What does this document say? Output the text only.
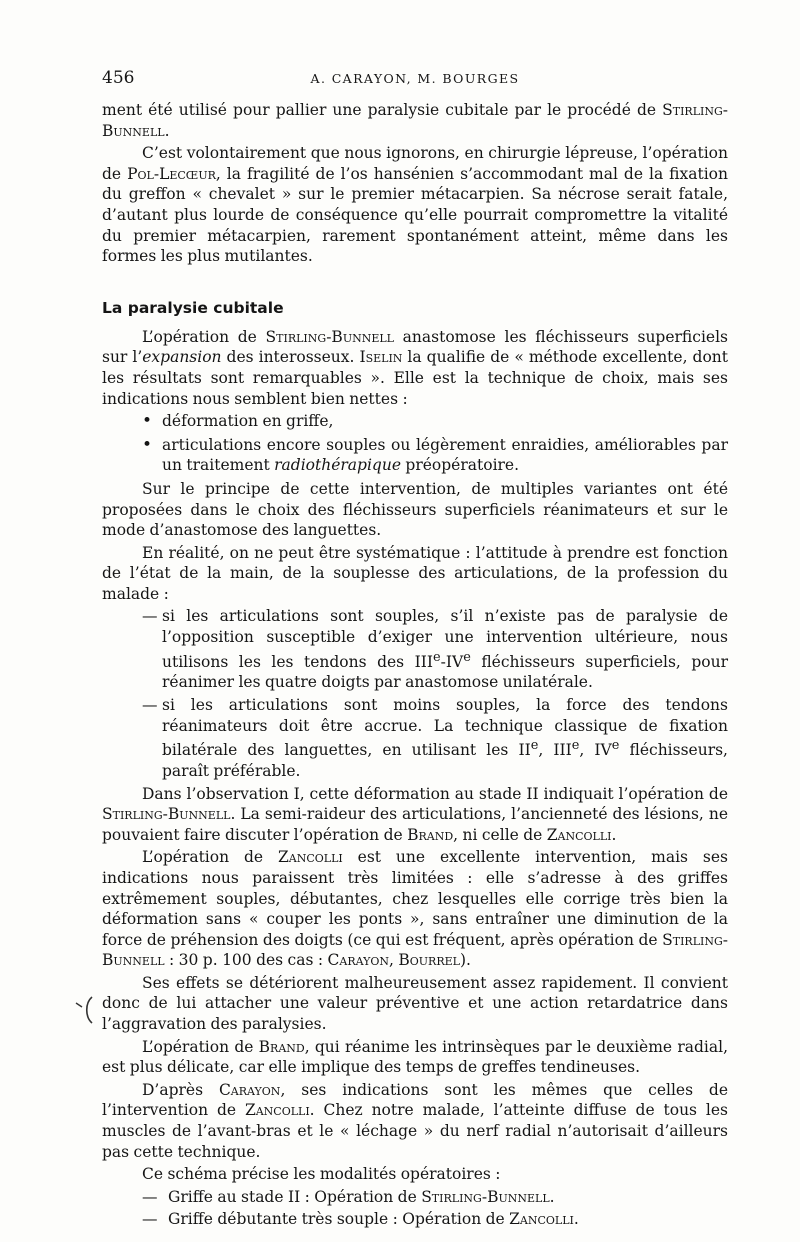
456	A. CARAYON, M. BOURGES

ment été utilisé pour pallier une paralysie cubitale par le procédé de Stirling-Bunnell.

C’est volontairement que nous ignorons, en chirurgie lépreuse, l’opération de Pol-Lecœur, la fragilité de l’os hansénien s’accommodant mal de la fixation du greffon « chevalet » sur le premier métacarpien. Sa nécrose serait fatale, d’autant plus lourde de conséquence qu’elle pourrait compromettre la vitalité du premier métacarpien, rarement spontanément atteint, même dans les formes les plus mutilantes.

La paralysie cubitale

L’opération de Stirling-Bunnell anastomose les fléchisseurs superficiels sur l’expansion des interosseux. Iselin la qualifie de « méthode excellente, dont les résultats sont remarquables ». Elle est la technique de choix, mais ses indications nous semblent bien nettes :

• déformation en griffe,
• articulations encore souples ou légèrement enraidies, améliorables par un traitement radiothérapique préopératoire.

Sur le principe de cette intervention, de multiples variantes ont été proposées dans le choix des fléchisseurs superficiels réanimateurs et sur le mode d’anastomose des languettes.

En réalité, on ne peut être systématique : l’attitude à prendre est fonction de l’état de la main, de la souplesse des articulations, de la profession du malade :

— si les articulations sont souples, s’il n’existe pas de paralysie de l’opposition susceptible d’exiger une intervention ultérieure, nous utilisons les les tendons des IIIe-IVe fléchisseurs superficiels, pour réanimer les quatre doigts par anastomose unilatérale.
— si les articulations sont moins souples, la force des tendons réanimateurs doit être accrue. La technique classique de fixation bilatérale des languettes, en utilisant les IIe, IIIe, IVe fléchisseurs, paraît préférable.

Dans l’observation I, cette déformation au stade II indiquait l’opération de Stirling-Bunnell. La semi-raideur des articulations, l’ancienneté des lésions, ne pouvaient faire discuter l’opération de Brand, ni celle de Zancolli.

L’opération de Zancolli est une excellente intervention, mais ses indications nous paraissent très limitées : elle s’adresse à des griffes extrêmement souples, débutantes, chez lesquelles elle corrige très bien la déformation sans « couper les ponts », sans entraîner une diminution de la force de préhension des doigts (ce qui est fréquent, après opération de Stirling-Bunnell : 30 p. 100 des cas : Carayon, Bourrel).

Ses effets se détériorent malheureusement assez rapidement. Il convient donc de lui attacher une valeur préventive et une action retardatrice dans l’aggravation des paralysies.

L’opération de Brand, qui réanime les intrinsèques par le deuxième radial, est plus délicate, car elle implique des temps de greffes tendineuses.

D’après Carayon, ses indications sont les mêmes que celles de l’intervention de Zancolli. Chez notre malade, l’atteinte diffuse de tous les muscles de l’avant-bras et le « léchage » du nerf radial n’autorisait d’ailleurs pas cette technique.

Ce schéma précise les modalités opératoires :

— Griffe au stade II : Opération de Stirling-Bunnell.
— Griffe débutante très souple : Opération de Zancolli.
